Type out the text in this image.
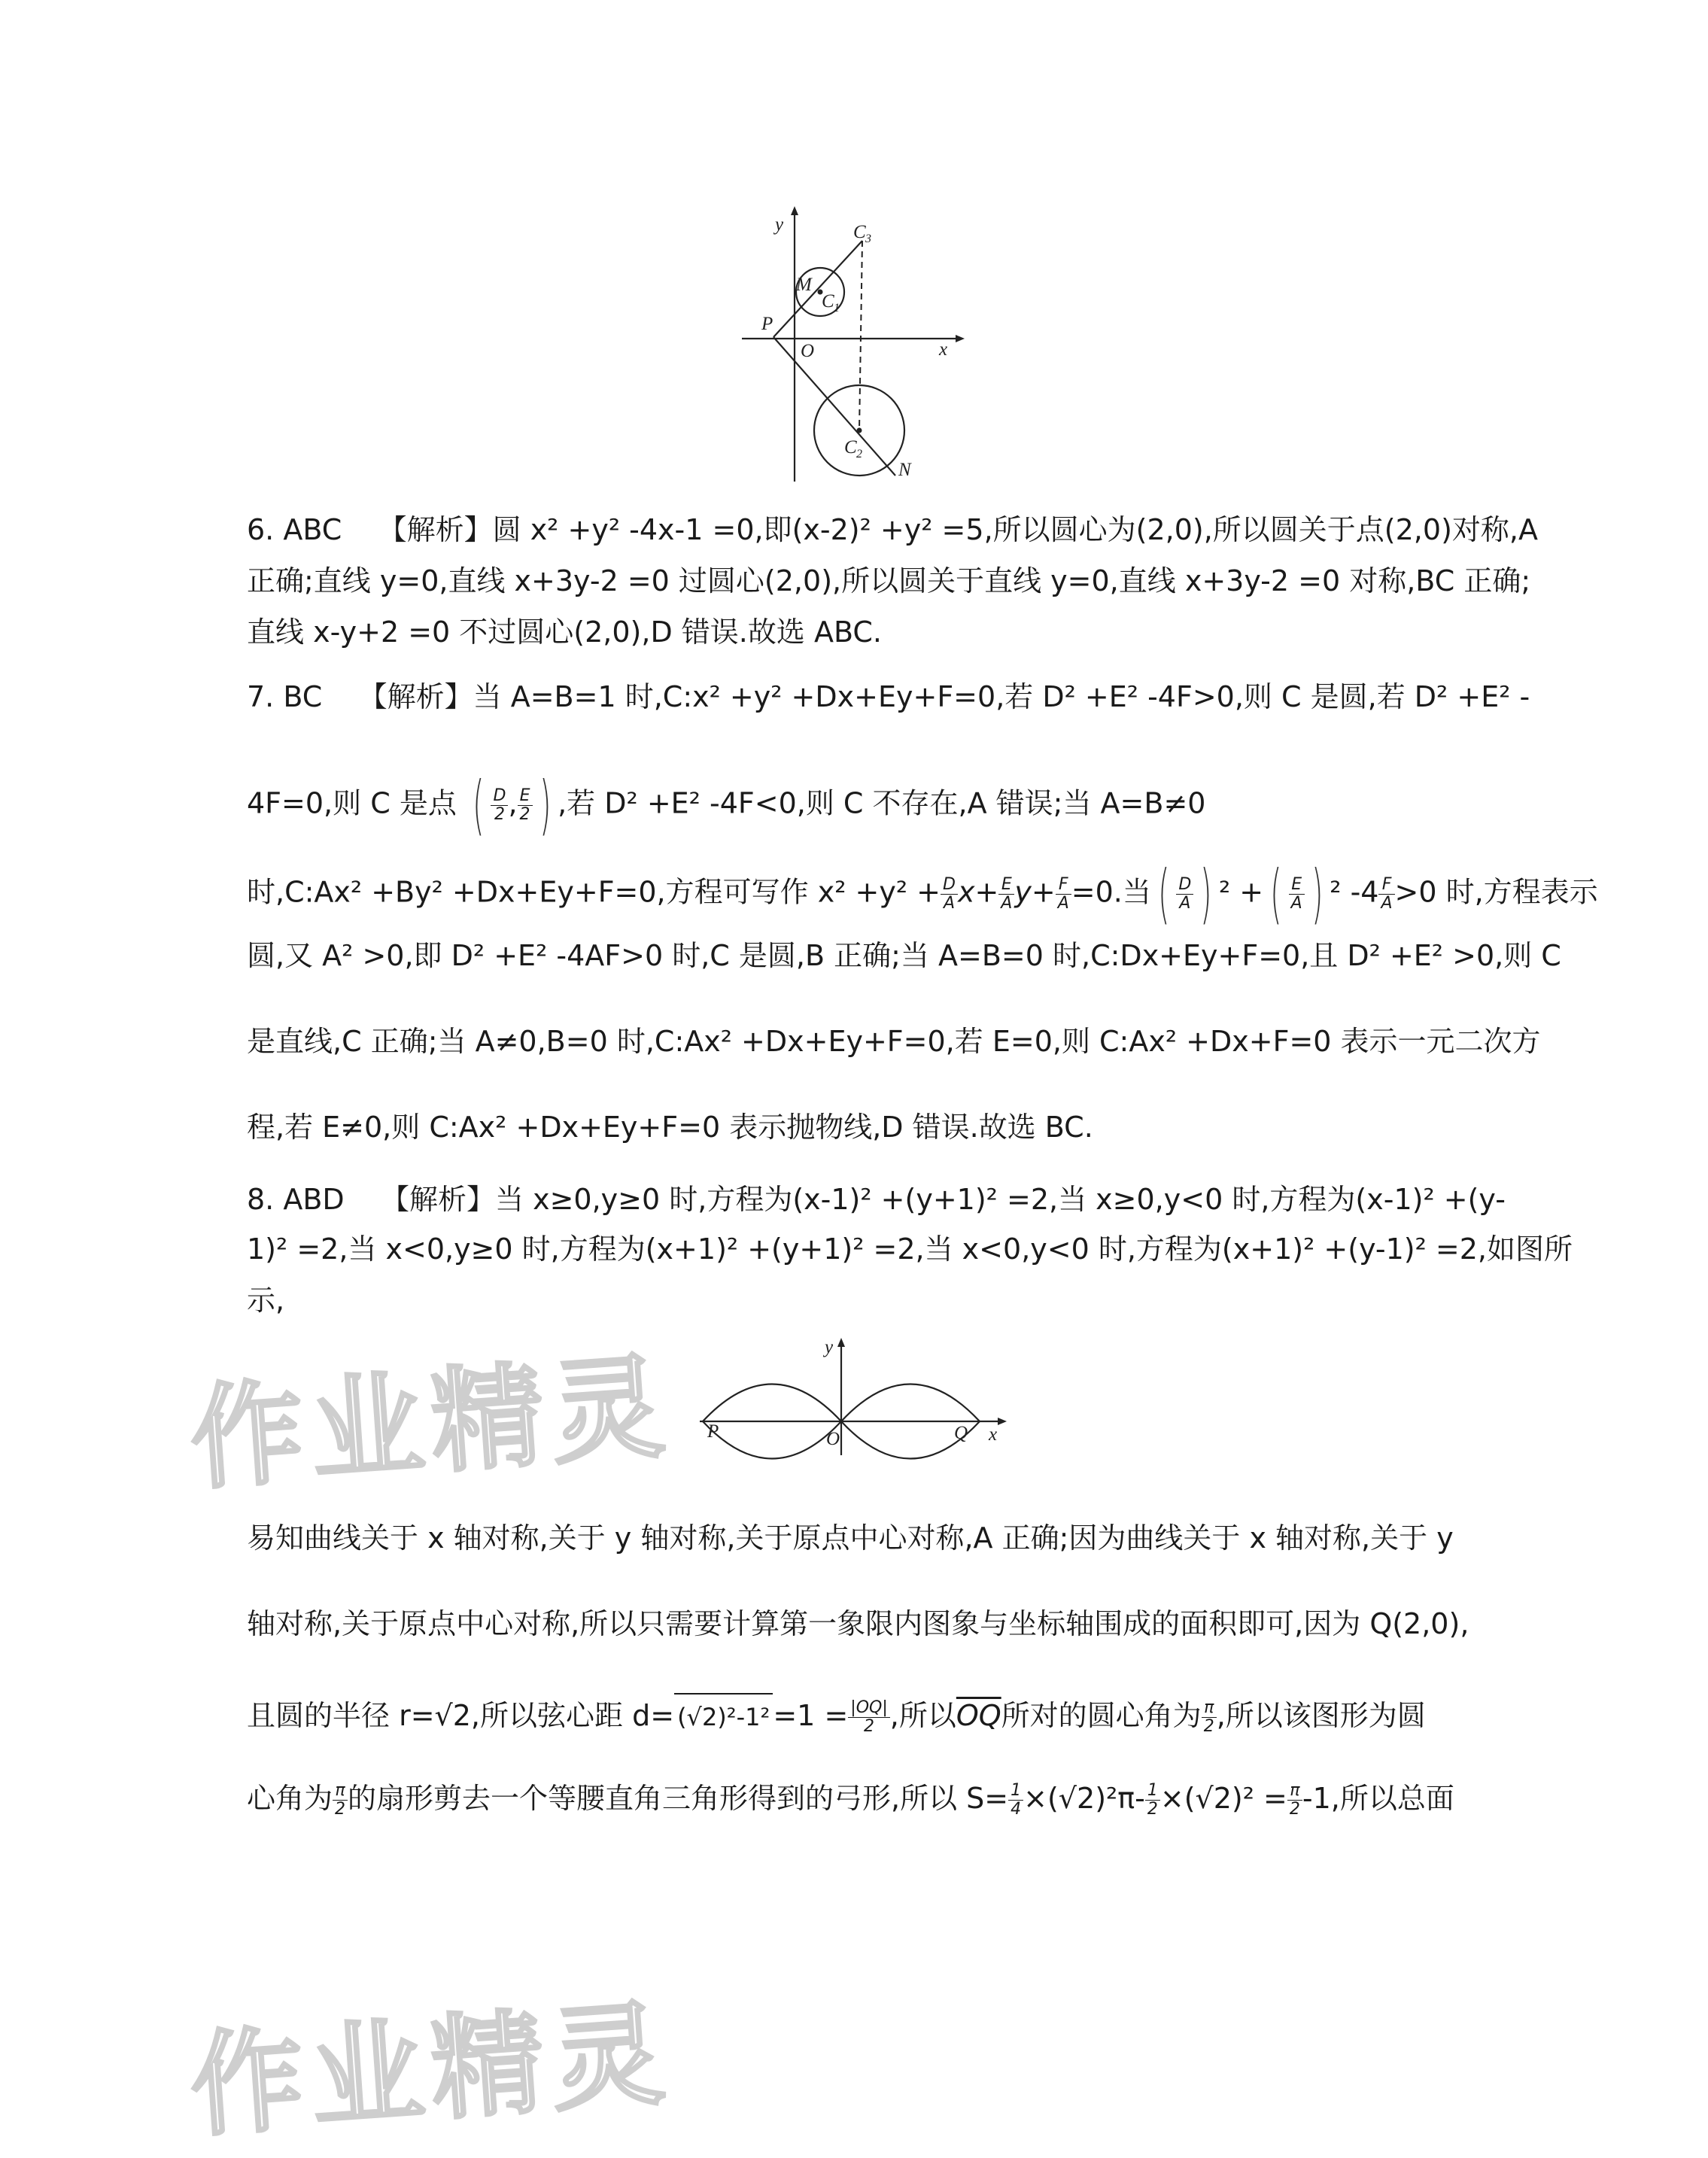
y
x
O
P
M
C 1
C 3
C 2
N
6. ABC 【解析】圆 x² +y² -4x-1 =0,即(x-2)² +y² =5,所以圆心为(2,0),所以圆关于点(2,0)对称,A
正确;直线 y=0,直线 x+3y-2 =0 过圆心(2,0),所以圆关于直线 y=0,直线 x+3y-2 =0 对称,BC 正确;
直线 x-y+2 =0 不过圆心(2,0),D 错误.故选 ABC.
7. BC 【解析】当 A=B=1 时,C:x² +y² +Dx+Ey+F=0,若 D² +E² -4F>0,则 C 是圆,若 D² +E² -
4F=0,则 C 是点 ( $\frac{D}{2}$ , $\frac{E}{2}$ ) ,若 D² +E² -4F<0,则 C 不存在,A 错误;当 A=B≠0
时,C:Ax² +By² +Dx+Ey+F=0,方程可写作 $x^2 +y^2 + \frac{D}{A} x+ \frac{E}{A} y+ \frac{F}{A} =0$.当 ( $\frac{D}{A}$ ) ² + ( $\frac{E}{A}$ ) ² $-4 \frac{F}{A} >0$ 时,方程表示
圆,又 A² >0,即 D² +E² -4AF>0 时,C 是圆,B 正确;当 A=B=0 时,C:Dx+Ey+F=0,且 D² +E² >0,则 C
是直线,C 正确;当 A≠0,B=0 时,C:Ax² +Dx+Ey+F=0,若 E=0,则 C:Ax² +Dx+F=0 表示一元二次方
程,若 E≠0,则 C:Ax² +Dx+Ey+F=0 表示抛物线,D 错误.故选 BC.
8. ABD 【解析】当 x≥0,y≥0 时,方程为(x-1)² +(y+1)² =2,当 x≥0,y<0 时,方程为(x-1)² +(y-
1)² =2,当 x<0,y≥0 时,方程为(x+1)² +(y+1)² =2,当 x<0,y<0 时,方程为(x+1)² +(y-1)² =2,如图所
示,
作业精灵	y
x
O
P	Q
易知曲线关于 x 轴对称,关于 y 轴对称,关于原点中心对称,A 正确;因为曲线关于 x 轴对称,关于 y
轴对称,关于原点中心对称,所以只需要计算第一象限内图象与坐标轴围成的面积即可,因为 Q(2,0),
且圆的半径 r=√2,所以弦心距 $d= (√2)^2-1^2 =1 = \frac{|OQ|}{2}$ ,所以$\overline{OQ}$所对的圆心角为 $\frac{\pi}{2}$ ,所以该图形为圆
心角为 $\frac{\pi}{2}$ 的扇形剪去一个等腰直角三角形得到的弓形,所以 $S= \frac{1}{4} \times(√2)^2\pi- \frac{1}{2} \times(√2)^2 = \frac{\pi}{2} -1$,所以总面
作业精灵
